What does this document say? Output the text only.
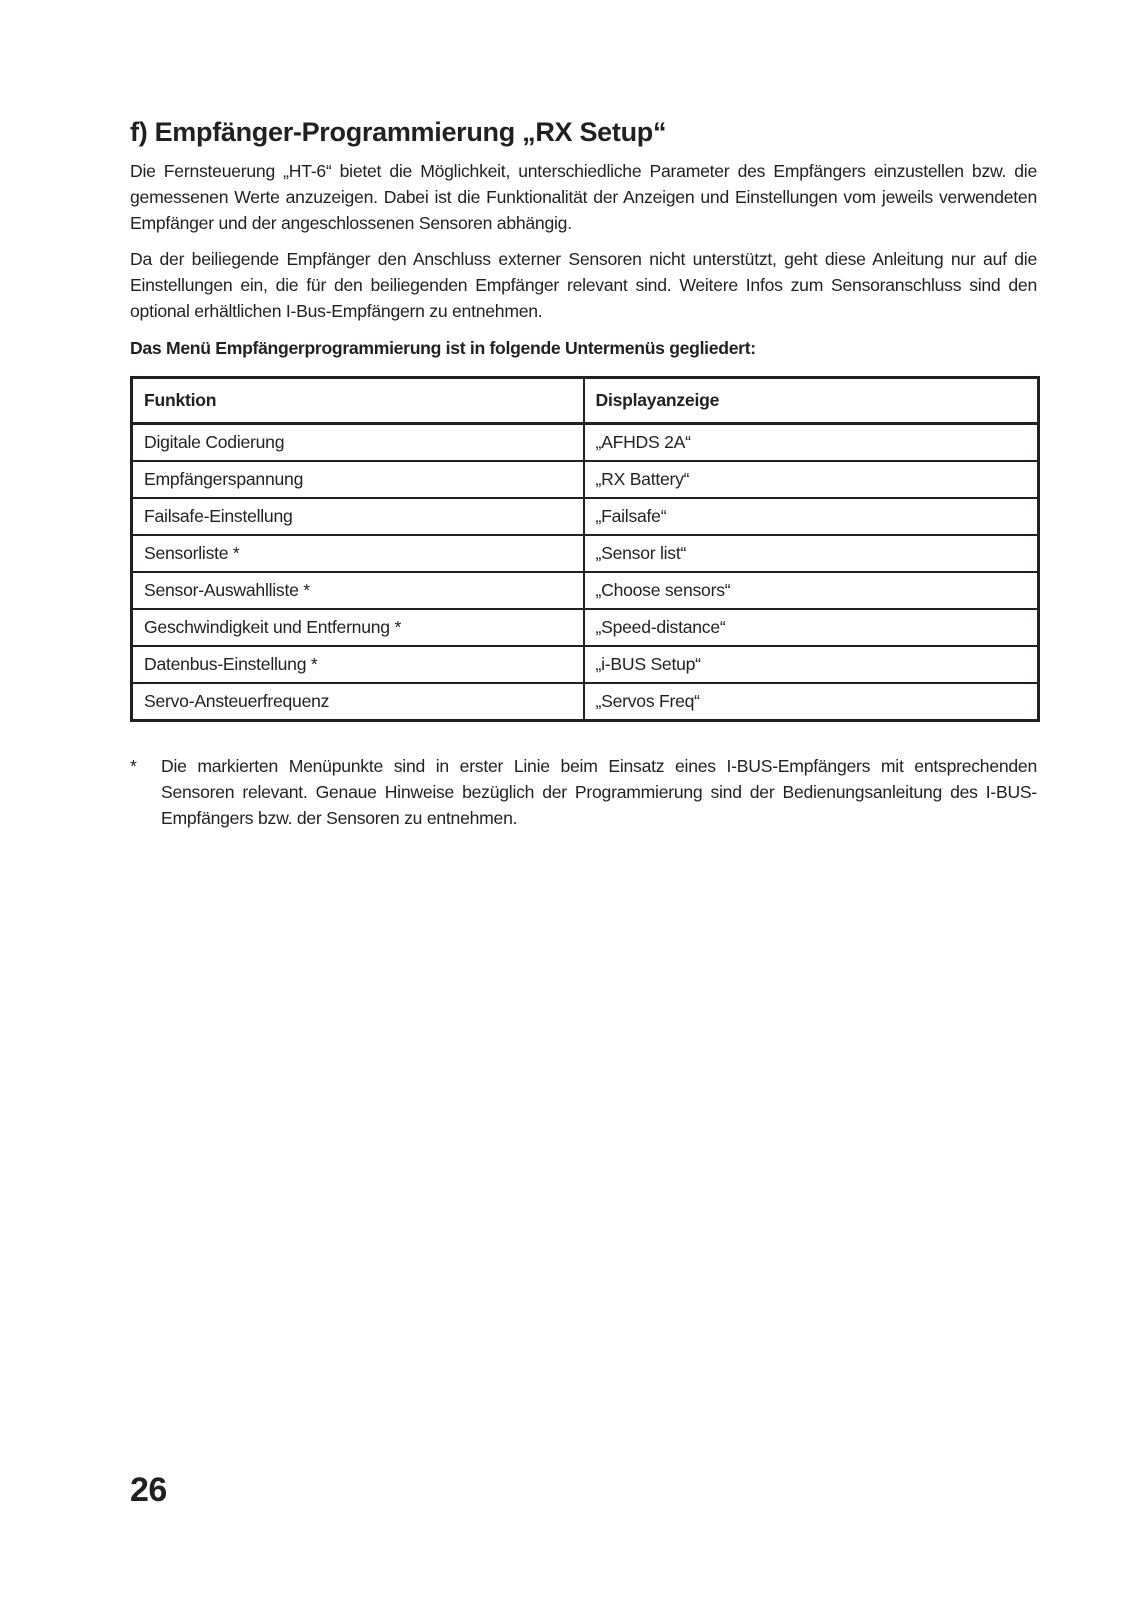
f) Empfänger-Programmierung „RX Setup“

Die Fernsteuerung „HT-6“ bietet die Möglichkeit, unterschiedliche Parameter des Empfängers einzustellen bzw. die gemessenen Werte anzuzeigen. Dabei ist die Funktionalität der Anzeigen und Einstellungen vom jeweils verwendeten Empfänger und der angeschlossenen Sensoren abhängig.

Da der beiliegende Empfänger den Anschluss externer Sensoren nicht unterstützt, geht diese Anleitung nur auf die Einstellungen ein, die für den beiliegenden Empfänger relevant sind. Weitere Infos zum Sensoranschluss sind den optional erhältlichen I-Bus-Empfängern zu entnehmen.

Das Menü Empfängerprogrammierung ist in folgende Untermenüs gegliedert:

Funktion	Displayanzeige
Digitale Codierung	„AFHDS 2A“
Empfängerspannung	„RX Battery“
Failsafe-Einstellung	„Failsafe“
Sensorliste *	„Sensor list“
Sensor-Auswahlliste *	„Choose sensors“
Geschwindigkeit und Entfernung *	„Speed-distance“
Datenbus-Einstellung *	„i-BUS Setup“
Servo-Ansteuerfrequenz	„Servos Freq“
* Die markierten Menüpunkte sind in erster Linie beim Einsatz eines I-BUS-Empfängers mit entsprechenden Sensoren relevant. Genaue Hinweise bezüglich der Programmierung sind der Bedienungsanleitung des I-BUS-Empfängers bzw. der Sensoren zu entnehmen.

26
